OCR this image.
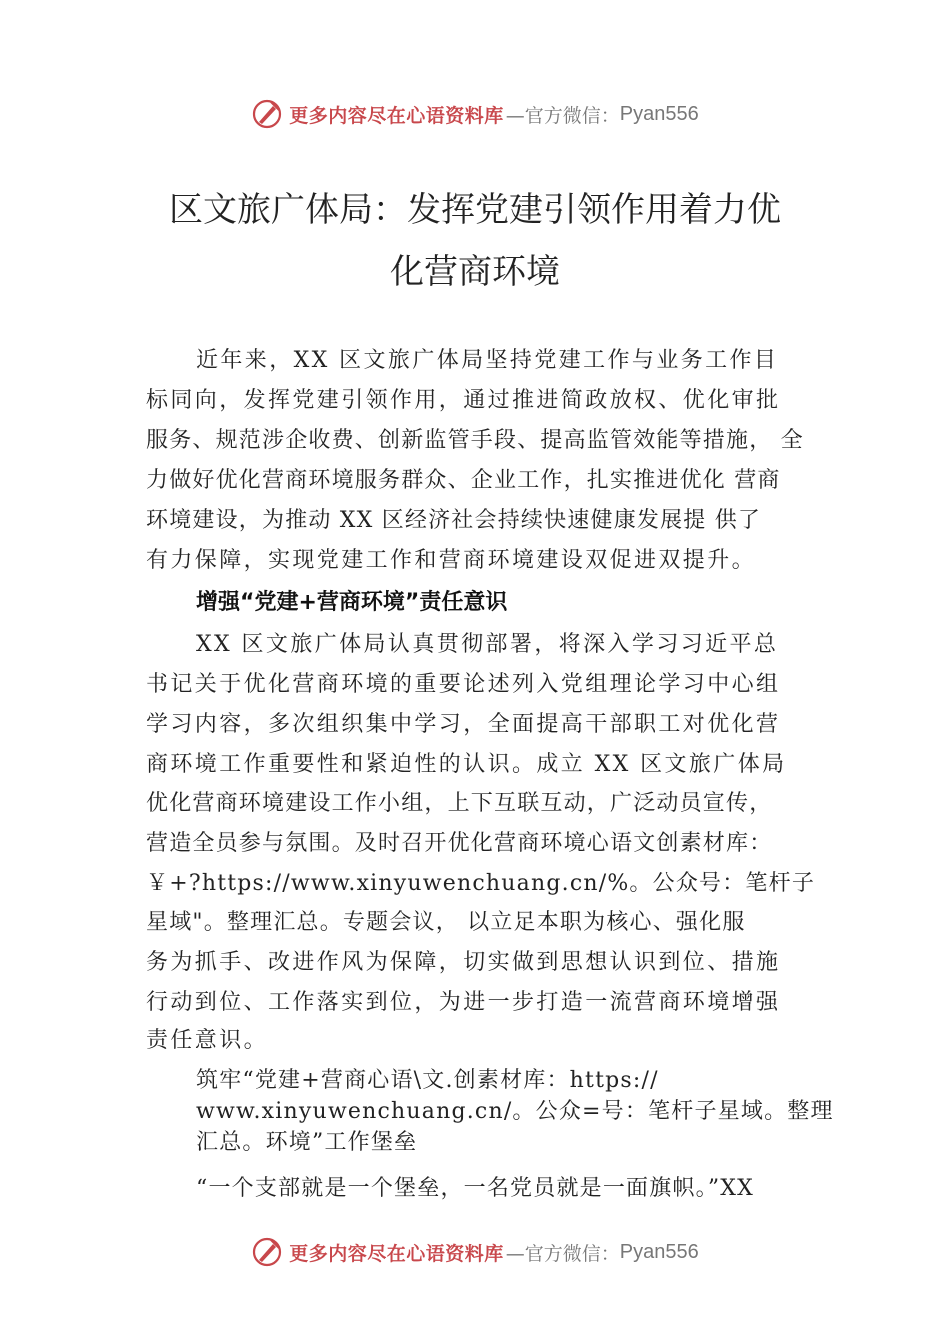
更多内容尽在心语资料库 —官方微信： Pyan556
区文旅广体局：发挥党建引领作用着力优
化营商环境
近年来，XX 区文旅广体局坚持党建工作与业务工作目
标同向，发挥党建引领作用，通过推进简政放权、优化审批
服务、规范涉企收费、创新监管手段、提高监管效能等措施， 全
力做好优化营商环境服务群众、企业工作，扎实推进优化 营商
环境建设，为推动 XX 区经济社会持续快速健康发展提 供了
有力保障，实现党建工作和营商环境建设双促进双提升。
增强“党建+营商环境”责任意识
XX 区文旅广体局认真贯彻部署，将深入学习习近平总
书记关于优化营商环境的重要论述列入党组理论学习中心组
学习内容，多次组织集中学习，全面提高干部职工对优化营
商环境工作重要性和紧迫性的认识。成立 XX 区文旅广体局
优化营商环境建设工作小组，上下互联互动，广泛动员宣传，
营造全员参与氛围。及时召开优化营商环境心语文创素材库：
￥+?https://www.xinyuwenchuang.cn/%。公众号：笔杆子
星域"。整理汇总。专题会议， 以立足本职为核心、强化服
务为抓手、改进作风为保障，切实做到思想认识到位、措施
行动到位、工作落实到位，为进一步打造一流营商环境增强
责任意识。
筑牢“党建+营商心语\文.创素材库：https://
www.xinyuwenchuang.cn/。公众=号：笔杆子星域。整理
汇总。环境”工作堡垒
“一个支部就是一个堡垒，一名党员就是一面旗帜。”XX
更多内容尽在心语资料库 —官方微信： Pyan556
